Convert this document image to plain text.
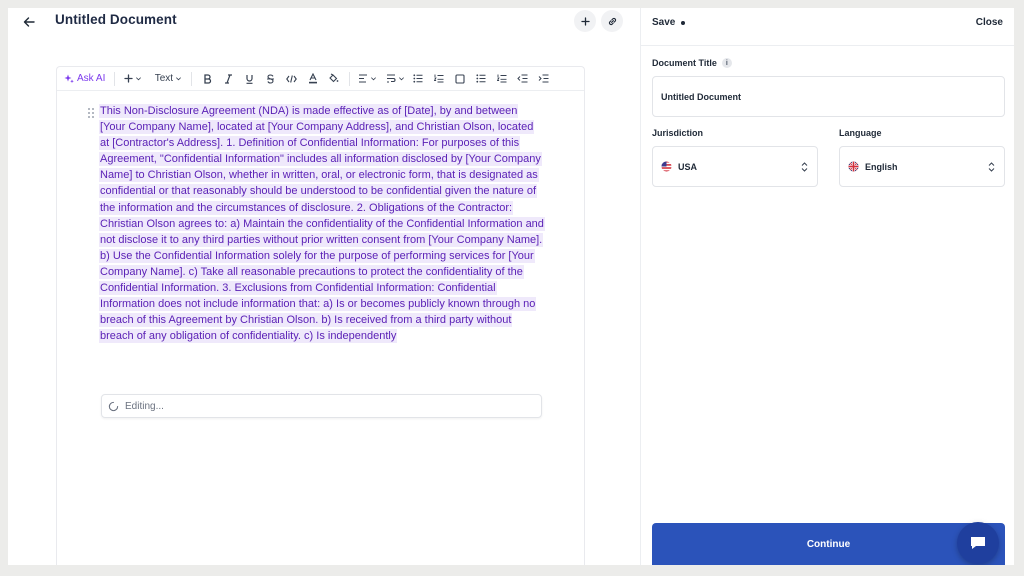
Untitled Document
Ask AI	Text
This Non-Disclosure Agreement (NDA) is made effective as of [Date], by and between [Your Company Name], located at [Your Company Address], and Christian Olson, located at [Contractor's Address]. 1. Definition of Confidential Information: For purposes of this Agreement, "Confidential Information" includes all information disclosed by [Your Company Name] to Christian Olson, whether in written, oral, or electronic form, that is designated as confidential or that reasonably should be understood to be confidential given the nature of the information and the circumstances of disclosure. 2. Obligations of the Contractor: Christian Olson agrees to: a) Maintain the confidentiality of the Confidential Information and not disclose it to any third parties without prior written consent from [Your Company Name]. b) Use the Confidential Information solely for the purpose of performing services for [Your Company Name]. c) Take all reasonable precautions to protect the confidentiality of the Confidential Information. 3. Exclusions from Confidential Information: Confidential Information does not include information that: a) Is or becomes publicly known through no breach of this Agreement by Christian Olson. b) Is received from a third party without breach of any obligation of confidentiality. c) Is independently
Editing...
Save	Close
Document Title	i
Untitled Document
Jurisdiction
USA
Language
English
Continue
